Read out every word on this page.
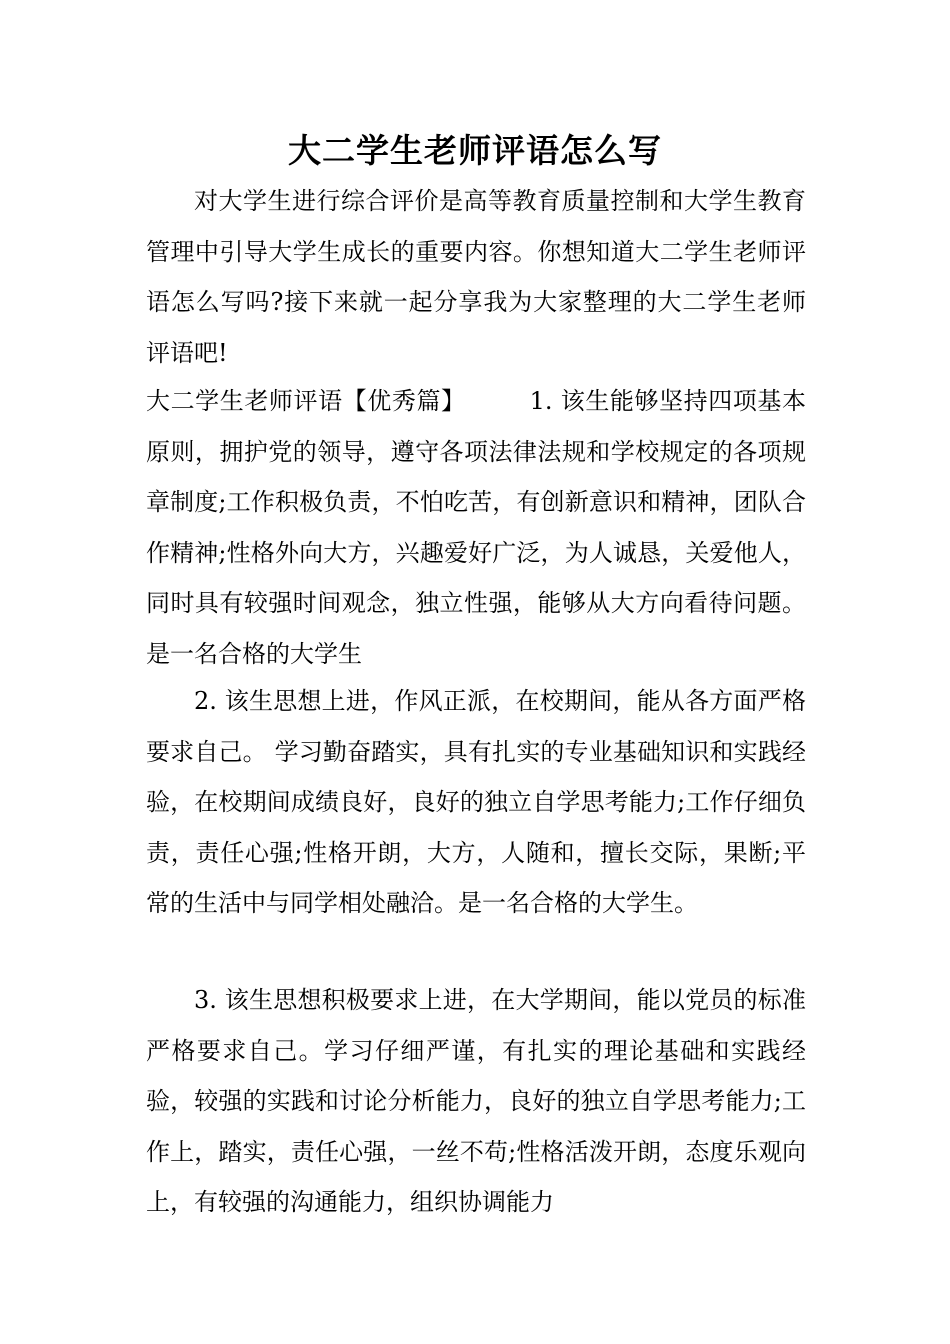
大二学生老师评语怎么写

对大学生进行综合评价是高等教育质量控制和大学生教育管理中引导大学生成长的重要内容。你想知道大二学生老师评语怎么写吗?接下来就一起分享我为大家整理的大二学生老师评语吧!

大二学生老师评语【优秀篇】	1. 该生能够坚持四项基本原则，拥护党的领导，遵守各项法律法规和学校规定的各项规章制度;工作积极负责，不怕吃苦，有创新意识和精神，团队合作精神;性格外向大方，兴趣爱好广泛，为人诚恳，关爱他人，同时具有较强时间观念，独立性强，能够从大方向看待问题。是一名合格的大学生

2. 该生思想上进，作风正派，在校期间，能从各方面严格要求自己。 学习勤奋踏实，具有扎实的专业基础知识和实践经验，在校期间成绩良好，良好的独立自学思考能力;工作仔细负责，责任心强;性格开朗，大方，人随和，擅长交际，果断;平常的生活中与同学相处融洽。是一名合格的大学生。

3. 该生思想积极要求上进，在大学期间，能以党员的标准严格要求自己。学习仔细严谨，有扎实的理论基础和实践经验，较强的实践和讨论分析能力，良好的独立自学思考能力;工作上，踏实，责任心强，一丝不苟;性格活泼开朗，态度乐观向上，有较强的沟通能力，组织协调能力
